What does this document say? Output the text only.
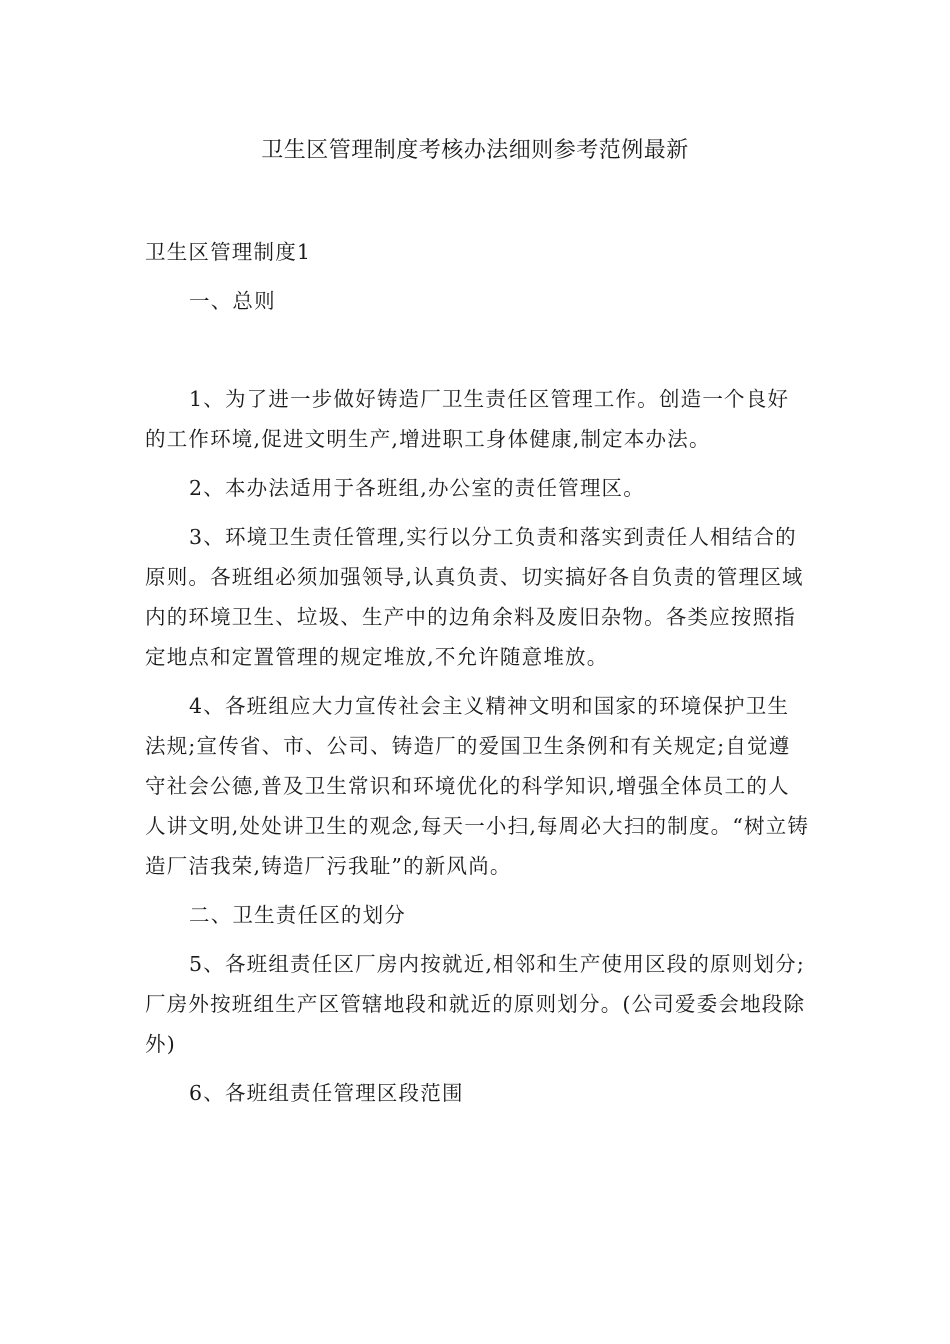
卫生区管理制度考核办法细则参考范例最新

卫生区管理制度1

一、总则

1、为了进一步做好铸造厂卫生责任区管理工作。创造一个良好的工作环境,促进文明生产,增进职工身体健康,制定本办法。

2、本办法适用于各班组,办公室的责任管理区。

3、环境卫生责任管理,实行以分工负责和落实到责任人相结合的原则。各班组必须加强领导,认真负责、切实搞好各自负责的管理区域内的环境卫生、垃圾、生产中的边角余料及废旧杂物。各类应按照指定地点和定置管理的规定堆放,不允许随意堆放。

4、各班组应大力宣传社会主义精神文明和国家的环境保护卫生法规;宣传省、市、公司、铸造厂的爱国卫生条例和有关规定;自觉遵守社会公德,普及卫生常识和环境优化的科学知识,增强全体员工的人人讲文明,处处讲卫生的观念,每天一小扫,每周必大扫的制度。“树立铸造厂洁我荣,铸造厂污我耻”的新风尚。

二、卫生责任区的划分

5、各班组责任区厂房内按就近,相邻和生产使用区段的原则划分;厂房外按班组生产区管辖地段和就近的原则划分。(公司爱委会地段除外)

6、各班组责任管理区段范围
